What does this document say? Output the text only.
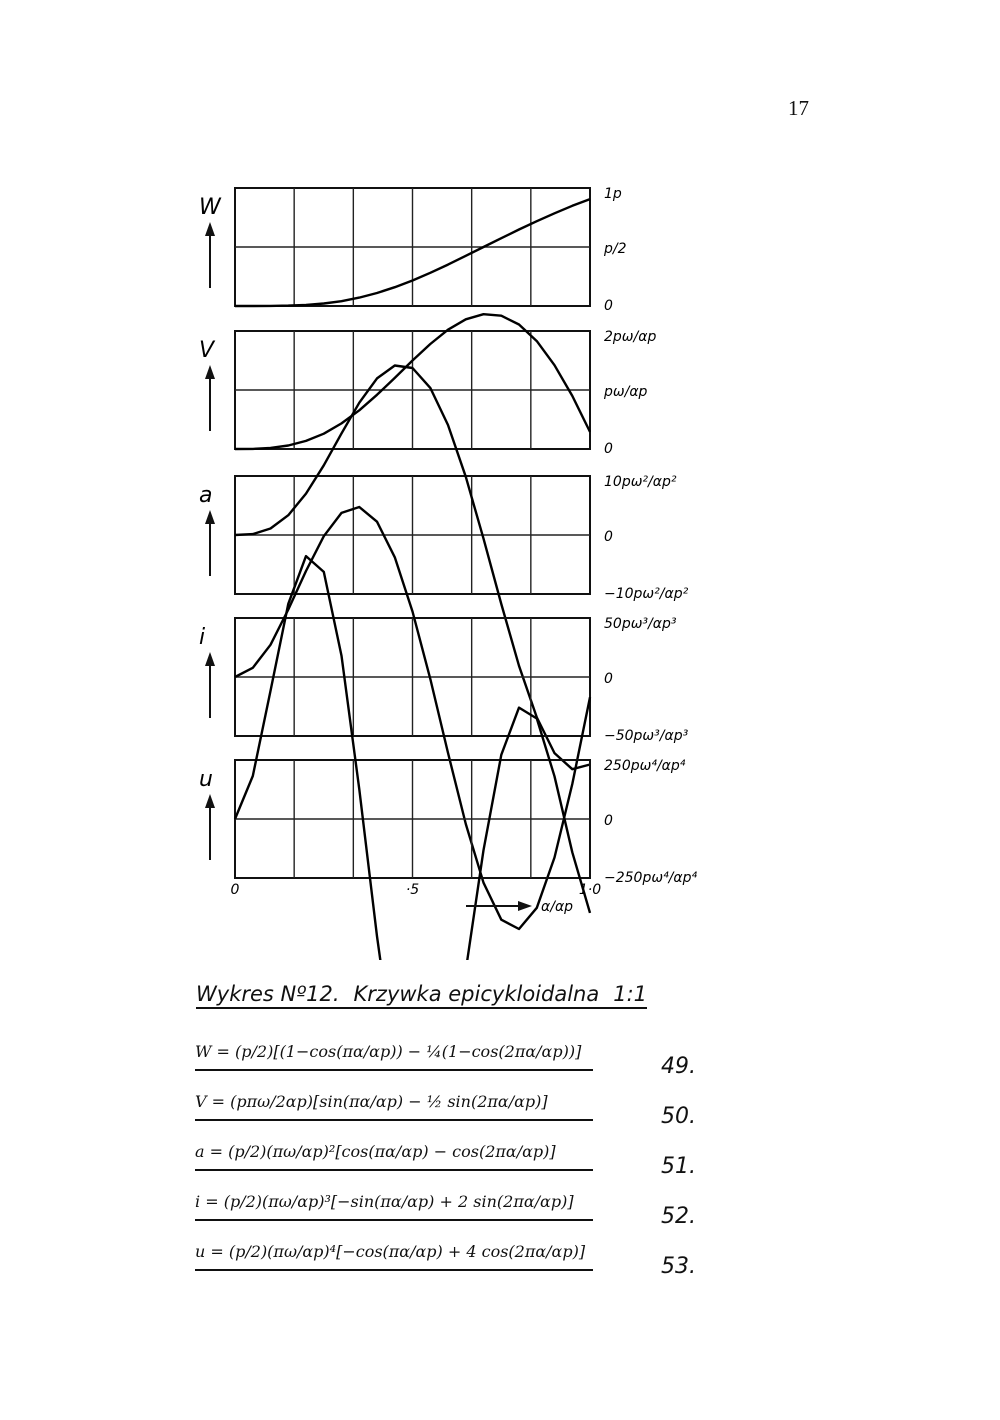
17
W
1p
p/2
0
V
2pω/αp
pω/αp
0
a
10pω²/αp²
0
−10pω²/αp²
i
50pω³/αp³
0
−50pω³/αp³
u
250pω⁴/αp⁴
0
−250pω⁴/αp⁴
0	·5	1·0
α/αp
Wykres Nº12. Krzywka epicykloidalna 1:1
W = (p/2)[(1−cos(πα/αp)) − ¼(1−cos(2πα/αp))]
49.
V = (pπω/2αp)[sin(πα/αp) − ½ sin(2πα/αp)]
50.
a = (p/2)(πω/αp)²[cos(πα/αp) − cos(2πα/αp)]
51.
i = (p/2)(πω/αp)³[−sin(πα/αp) + 2 sin(2πα/αp)]
52.
u = (p/2)(πω/αp)⁴[−cos(πα/αp) + 4 cos(2πα/αp)]
53.
